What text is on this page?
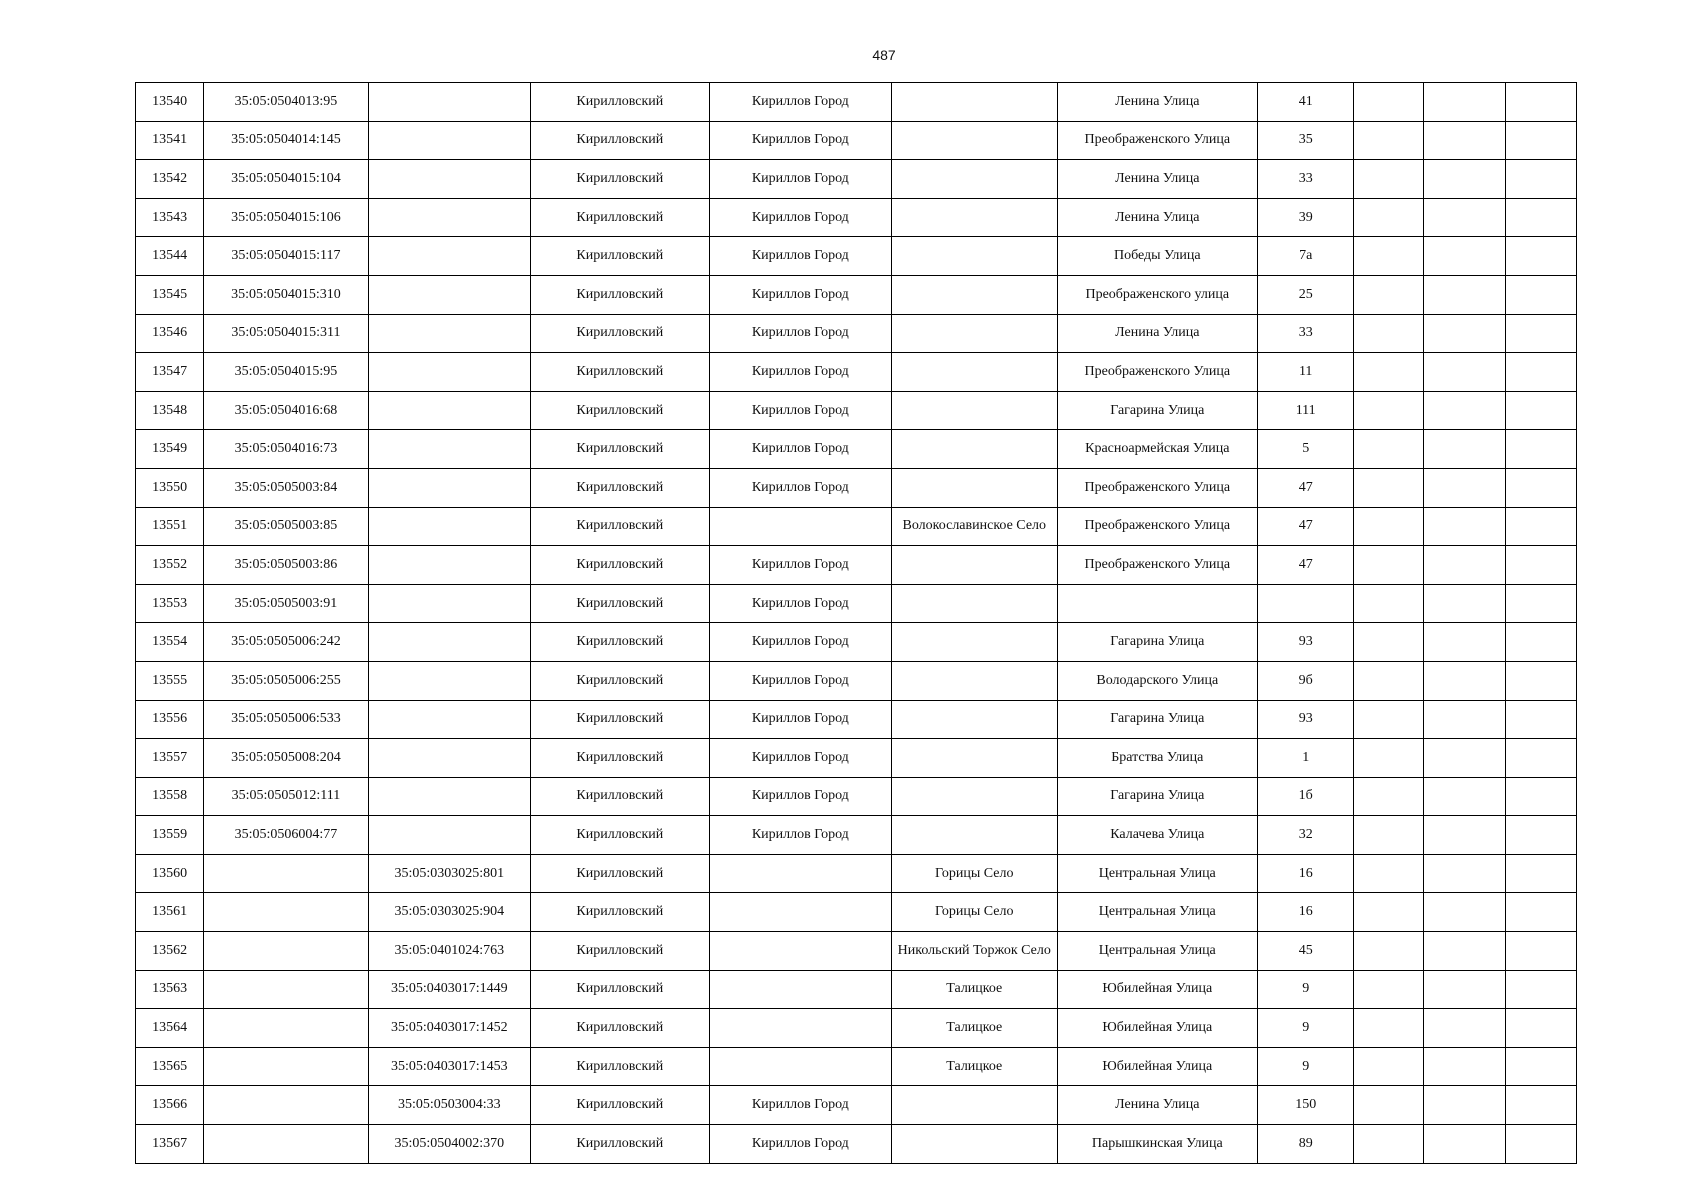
487
13540	35:05:0504013:95		Кирилловский	Кириллов Город		Ленина Улица	41			
13541	35:05:0504014:145		Кирилловский	Кириллов Город		Преображенского Улица	35			
13542	35:05:0504015:104		Кирилловский	Кириллов Город		Ленина Улица	33			
13543	35:05:0504015:106		Кирилловский	Кириллов Город		Ленина Улица	39			
13544	35:05:0504015:117		Кирилловский	Кириллов Город		Победы Улица	7а			
13545	35:05:0504015:310		Кирилловский	Кириллов Город		Преображенского улица	25			
13546	35:05:0504015:311		Кирилловский	Кириллов Город		Ленина Улица	33			
13547	35:05:0504015:95		Кирилловский	Кириллов Город		Преображенского Улица	11			
13548	35:05:0504016:68		Кирилловский	Кириллов Город		Гагарина Улица	111			
13549	35:05:0504016:73		Кирилловский	Кириллов Город		Красноармейская Улица	5			
13550	35:05:0505003:84		Кирилловский	Кириллов Город		Преображенского Улица	47			
13551	35:05:0505003:85		Кирилловский		Волокославинское Село	Преображенского Улица	47			
13552	35:05:0505003:86		Кирилловский	Кириллов Город		Преображенского Улица	47			
13553	35:05:0505003:91		Кирилловский	Кириллов Город						
13554	35:05:0505006:242		Кирилловский	Кириллов Город		Гагарина Улица	93			
13555	35:05:0505006:255		Кирилловский	Кириллов Город		Володарского Улица	9б			
13556	35:05:0505006:533		Кирилловский	Кириллов Город		Гагарина Улица	93			
13557	35:05:0505008:204		Кирилловский	Кириллов Город		Братства Улица	1			
13558	35:05:0505012:111		Кирилловский	Кириллов Город		Гагарина Улица	1б			
13559	35:05:0506004:77		Кирилловский	Кириллов Город		Калачева Улица	32			
13560		35:05:0303025:801	Кирилловский		Горицы Село	Центральная Улица	16			
13561		35:05:0303025:904	Кирилловский		Горицы Село	Центральная Улица	16			
13562		35:05:0401024:763	Кирилловский		Никольский Торжок Село	Центральная Улица	45			
13563		35:05:0403017:1449	Кирилловский		Талицкое	Юбилейная Улица	9			
13564		35:05:0403017:1452	Кирилловский		Талицкое	Юбилейная Улица	9			
13565		35:05:0403017:1453	Кирилловский		Талицкое	Юбилейная Улица	9			
13566		35:05:0503004:33	Кирилловский	Кириллов Город		Ленина Улица	150			
13567		35:05:0504002:370	Кирилловский	Кириллов Город		Парышкинская Улица	89			
